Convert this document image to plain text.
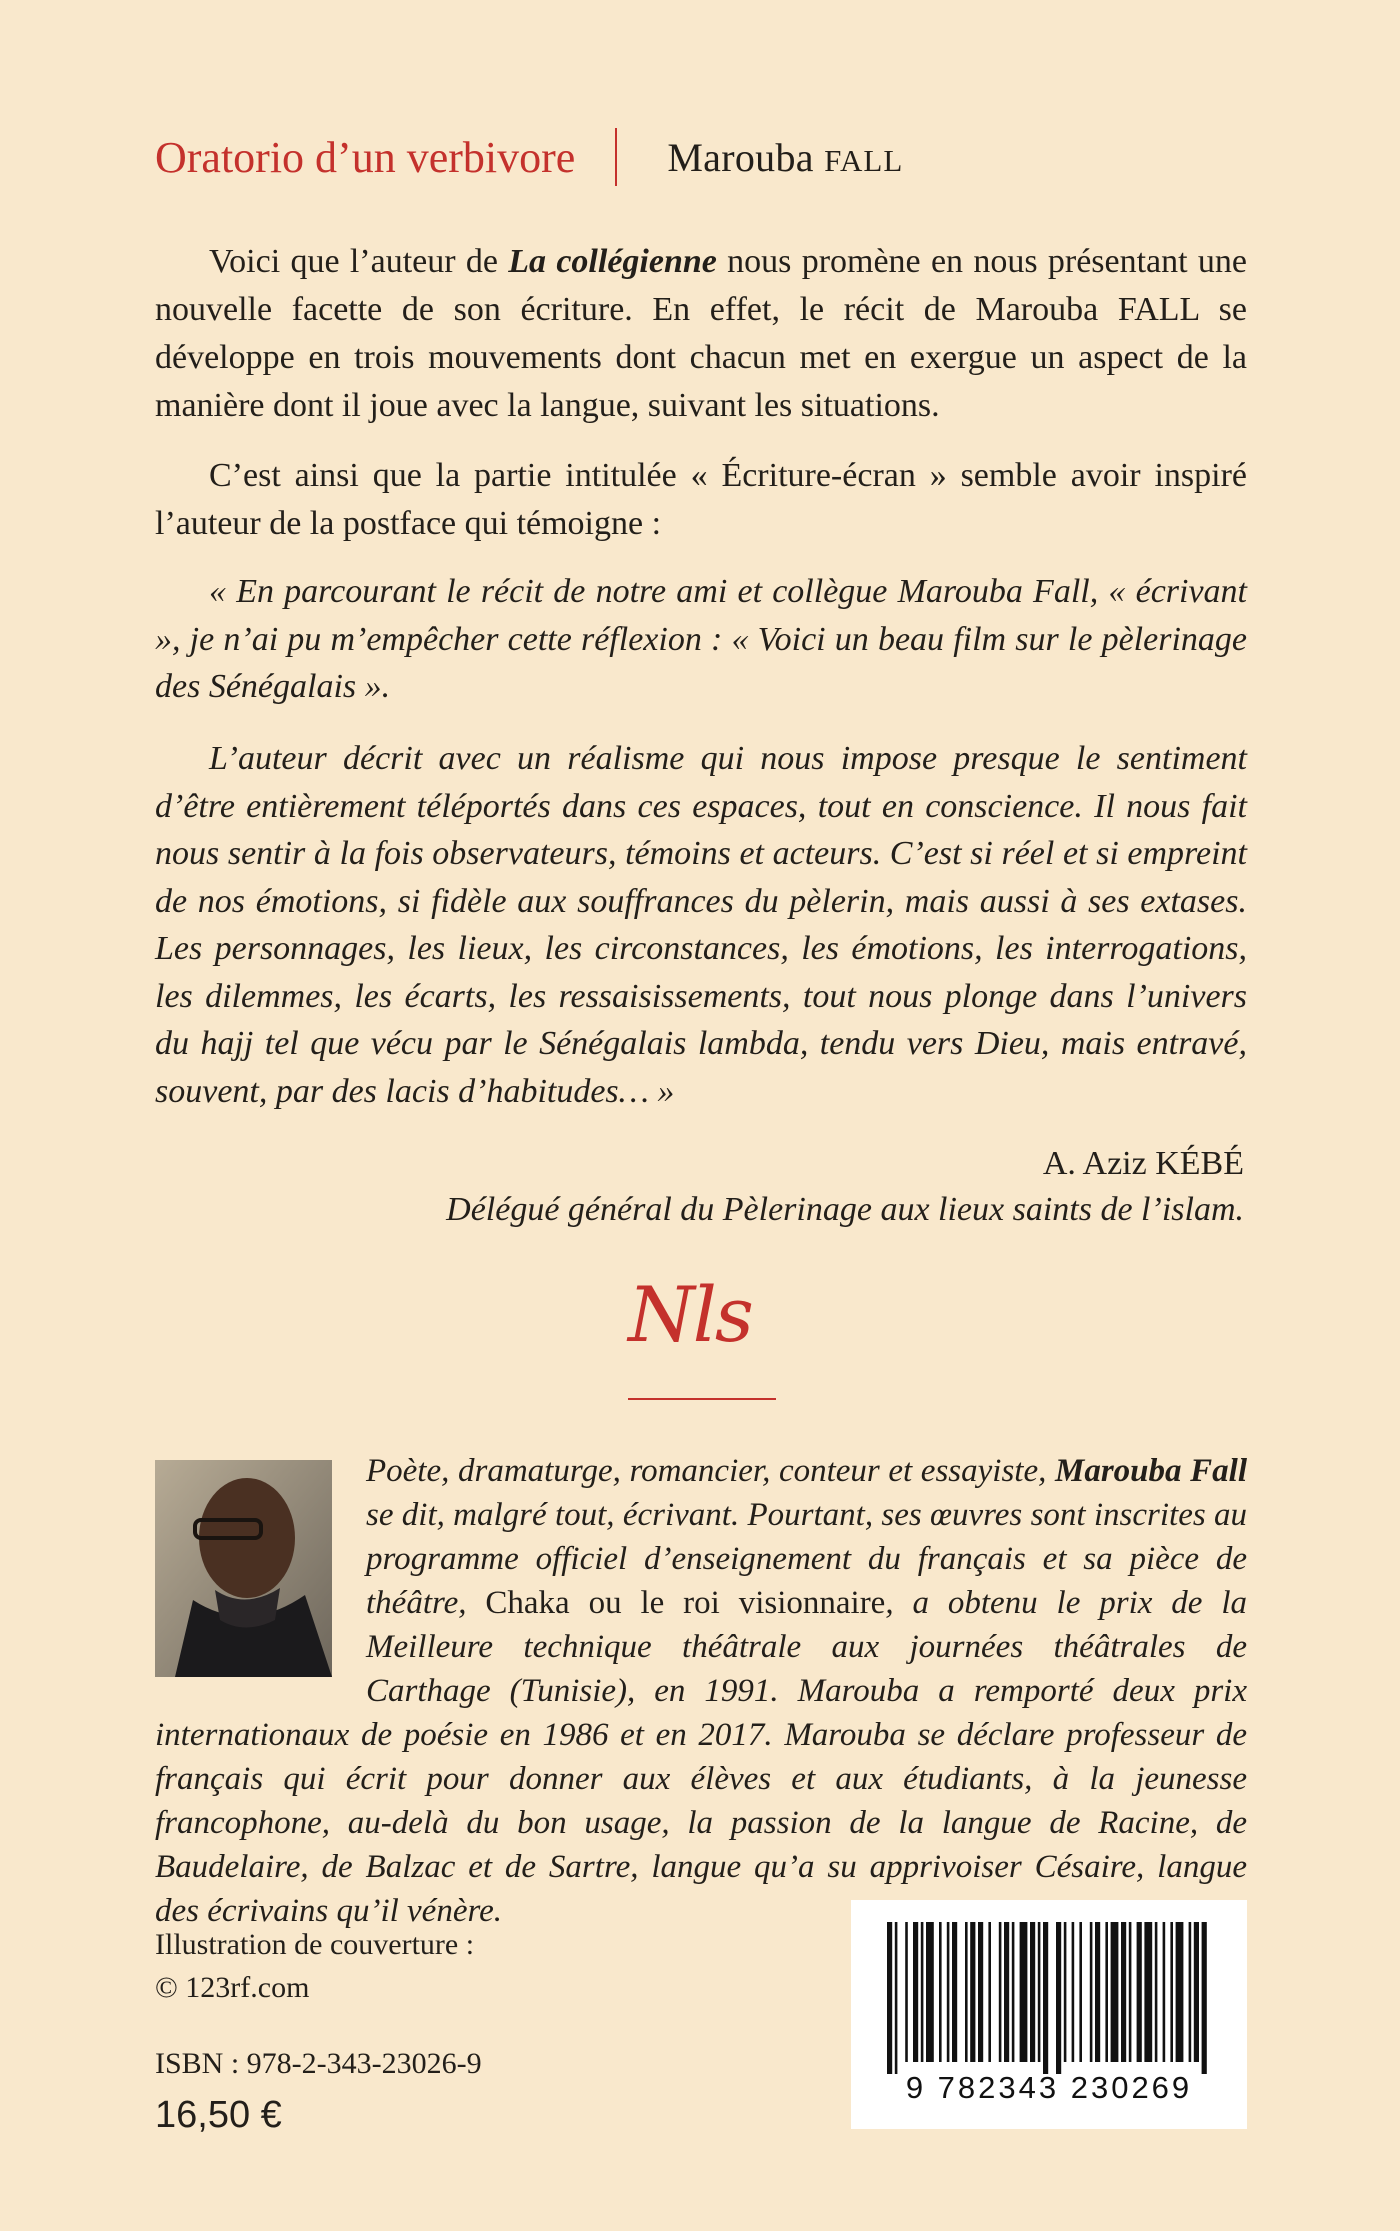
Oratorio d’un verbivore Marouba FALL

Voici que l’auteur de La collégienne nous promène en nous présentant une nouvelle facette de son écriture. En effet, le récit de Marouba FALL se développe en trois mouvements dont chacun met en exergue un aspect de la manière dont il joue avec la langue, suivant les situations.

C’est ainsi que la partie intitulée « Écriture-écran » semble avoir inspiré l’auteur de la postface qui témoigne :

« En parcourant le récit de notre ami et collègue Marouba Fall, « écrivant », je n’ai pu m’empêcher cette réflexion : « Voici un beau film sur le pèlerinage des Sénégalais ».

L’auteur décrit avec un réalisme qui nous impose presque le sentiment d’être entièrement téléportés dans ces espaces, tout en conscience. Il nous fait nous sentir à la fois observateurs, témoins et acteurs. C’est si réel et si empreint de nos émotions, si fidèle aux souffrances du pèlerin, mais aussi à ses extases. Les personnages, les lieux, les circonstances, les émotions, les interrogations, les dilemmes, les écarts, les ressaisissements, tout nous plonge dans l’univers du hajj tel que vécu par le Sénégalais lambda, tendu vers Dieu, mais entravé, souvent, par des lacis d’habitudes… »

A. Aziz KÉBÉ
Délégué général du Pèlerinage aux lieux saints de l’islam.
Nls

Poète, dramaturge, romancier, conteur et essayiste, Marouba Fall se dit, malgré tout, écrivant. Pourtant, ses œuvres sont inscrites au programme officiel d’enseignement du français et sa pièce de théâtre, Chaka ou le roi visionnaire, a obtenu le prix de la Meilleure technique théâtrale aux journées théâtrales de Carthage (Tunisie), en 1991. Marouba a remporté deux prix internationaux de poésie en 1986 et en 2017. Marouba se déclare professeur de français qui écrit pour donner aux élèves et aux étudiants, à la jeunesse francophone, au-delà du bon usage, la passion de la langue de Racine, de Baudelaire, de Balzac et de Sartre, langue qu’a su apprivoiser Césaire, langue des écrivains qu’il vénère.

Illustration de couverture :
© 123rf.com
ISBN : 978-2-343-23026-9
16,50 €
9 782343 230269
